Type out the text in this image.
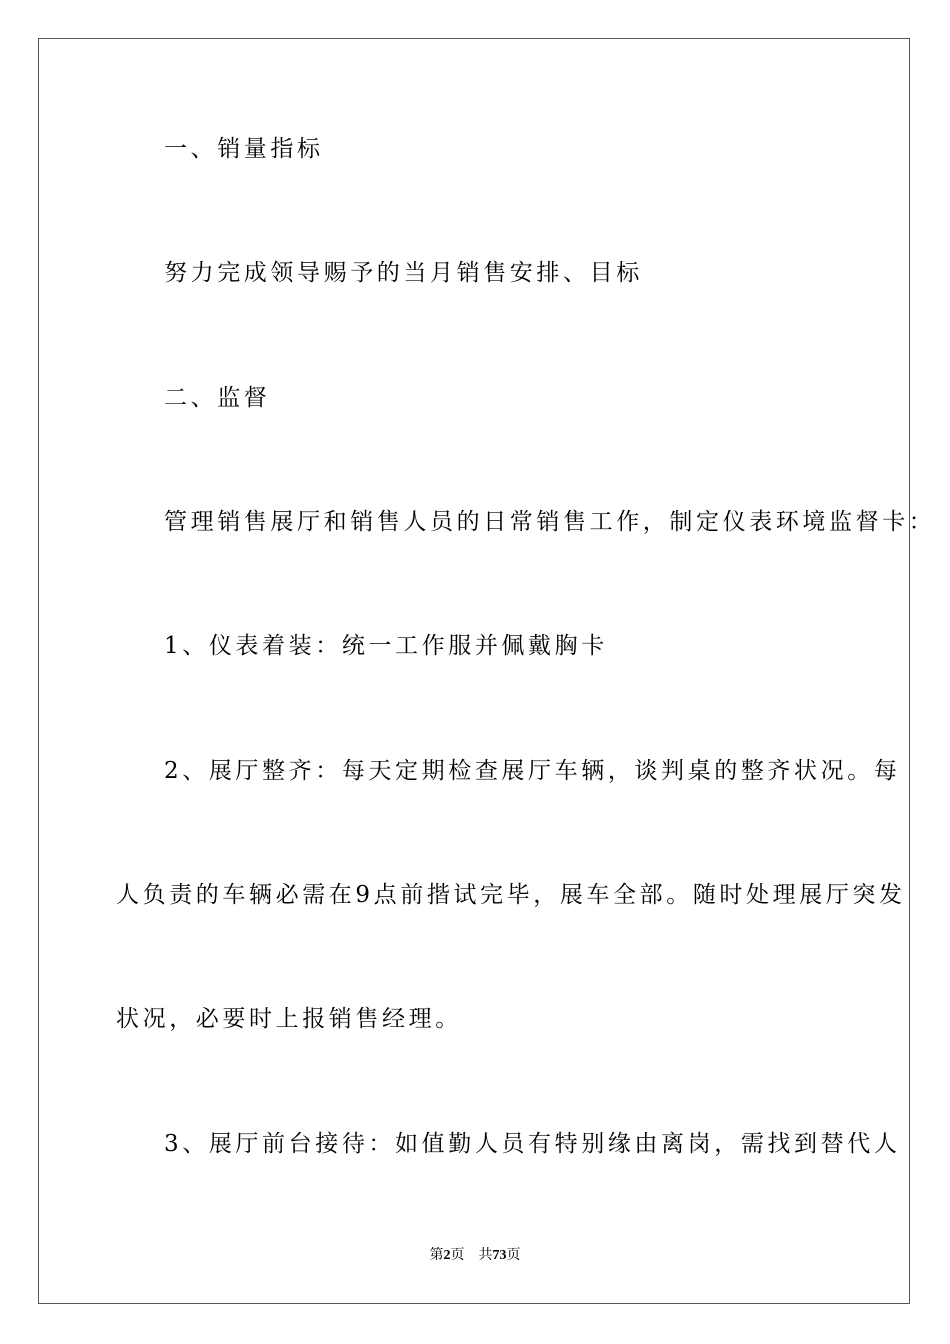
一、销量指标
努力完成领导赐予的当月销售安排、目标
二、监督
管理销售展厅和销售人员的日常销售工作，制定仪表环境监督卡：
1、仪表着装：统一工作服并佩戴胸卡
2、展厅整齐：每天定期检查展厅车辆，谈判桌的整齐状况。每
人负责的车辆必需在9点前揩试完毕，展车全部。随时处理展厅突发
状况，必要时上报销售经理。
3、展厅前台接待：如值勤人员有特别缘由离岗，需找到替代人
第2页 共73页
